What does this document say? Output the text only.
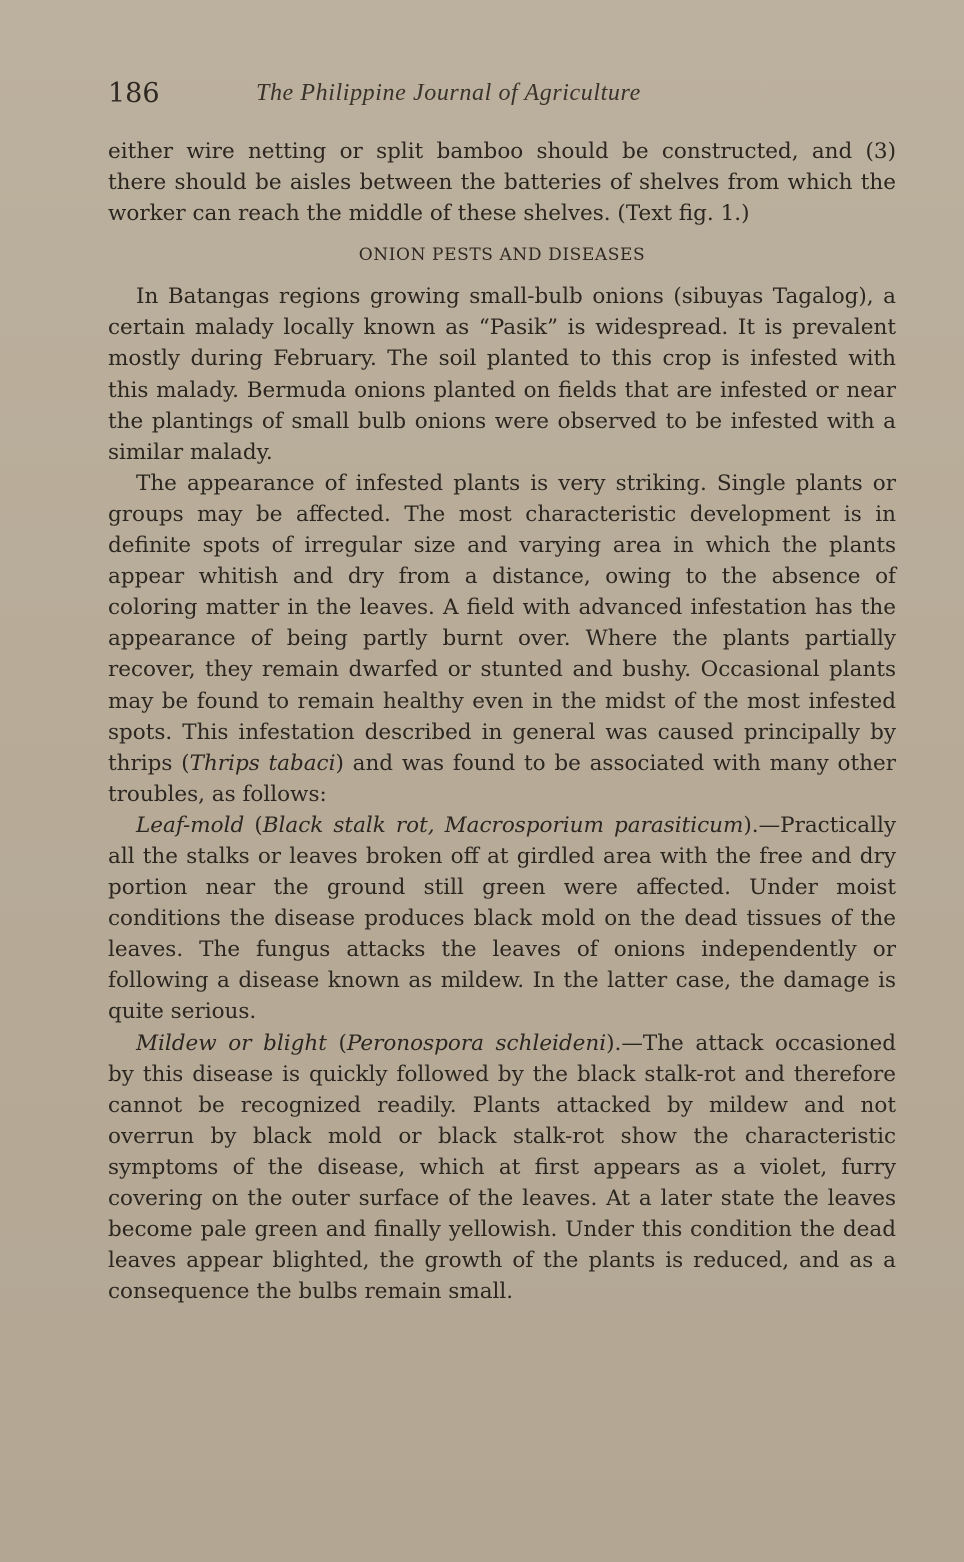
186	The Philippine Journal of Agriculture

either wire netting or split bamboo should be constructed, and (3) there should be aisles between the batteries of shelves from which the worker can reach the middle of these shelves. (Text fig. 1.)

ONION PESTS AND DISEASES

In Batangas regions growing small-bulb onions (sibuyas Tagalog), a certain malady locally known as “Pasik” is widespread. It is prevalent mostly during February. The soil planted to this crop is infested with this malady. Bermuda onions planted on fields that are infested or near the plantings of small bulb onions were observed to be infested with a similar malady.

The appearance of infested plants is very striking. Single plants or groups may be affected. The most characteristic development is in definite spots of irregular size and varying area in which the plants appear whitish and dry from a distance, owing to the absence of coloring matter in the leaves. A field with advanced infestation has the appearance of being partly burnt over. Where the plants partially recover, they remain dwarfed or stunted and bushy. Occasional plants may be found to remain healthy even in the midst of the most infested spots. This infestation described in general was caused principally by thrips (Thrips tabaci) and was found to be associated with many other troubles, as follows:

Leaf-mold (Black stalk rot, Macrosporium parasiticum).—Practically all the stalks or leaves broken off at girdled area with the free and dry portion near the ground still green were affected. Under moist conditions the disease produces black mold on the dead tissues of the leaves. The fungus attacks the leaves of onions independently or following a disease known as mildew. In the latter case, the damage is quite serious.

Mildew or blight (Peronospora schleideni).—The attack occasioned by this disease is quickly followed by the black stalk-rot and therefore cannot be recognized readily. Plants attacked by mildew and not overrun by black mold or black stalk-rot show the characteristic symptoms of the disease, which at first appears as a violet, furry covering on the outer surface of the leaves. At a later state the leaves become pale green and finally yellowish. Under this condition the dead leaves appear blighted, the growth of the plants is reduced, and as a consequence the bulbs remain small.
